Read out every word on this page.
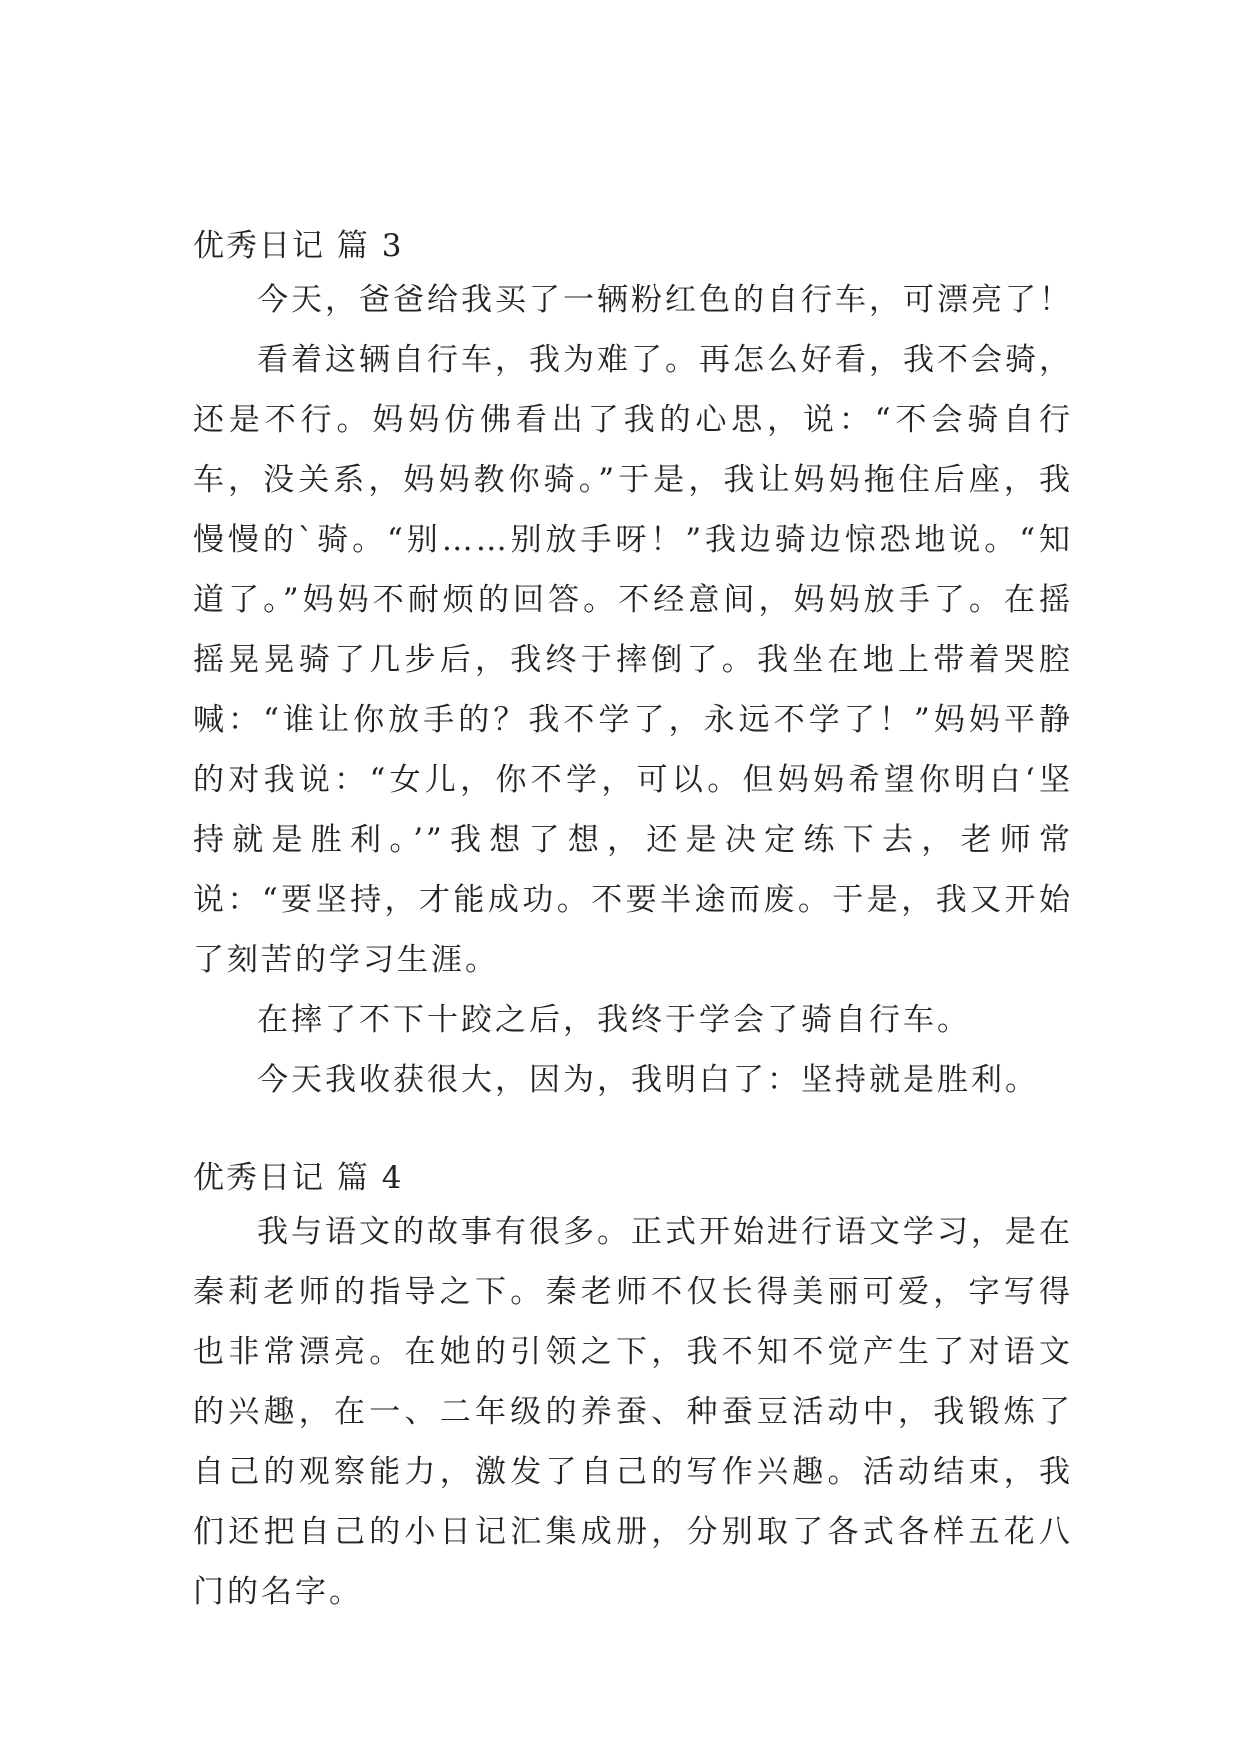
优秀日记 篇 3

今天，爸爸给我买了一辆粉红色的自行车，可漂亮了！

看着这辆自行车，我为难了。再怎么好看，我不会骑，还是不行。妈妈仿佛看出了我的心思，说：“不会骑自行车，没关系，妈妈教你骑。”于是，我让妈妈拖住后座，我慢慢的`骑。“别……别放手呀！”我边骑边惊恐地说。“知道了。”妈妈不耐烦的回答。不经意间，妈妈放手了。在摇摇晃晃骑了几步后，我终于摔倒了。我坐在地上带着哭腔喊：“谁让你放手的？我不学了，永远不学了！”妈妈平静的对我说：“女儿，你不学，可以。但妈妈希望你明白‘坚持就是胜利。’”我想了想，还是决定练下去，老师常说：“要坚持，才能成功。不要半途而废。于是，我又开始了刻苦的学习生涯。

在摔了不下十跤之后，我终于学会了骑自行车。

今天我收获很大，因为，我明白了：坚持就是胜利。

优秀日记 篇 4

我与语文的故事有很多。正式开始进行语文学习，是在秦莉老师的指导之下。秦老师不仅长得美丽可爱，字写得也非常漂亮。在她的引领之下，我不知不觉产生了对语文的兴趣，在一、二年级的养蚕、种蚕豆活动中，我锻炼了自己的观察能力，激发了自己的写作兴趣。活动结束，我们还把自己的小日记汇集成册，分别取了各式各样五花八门的名字。
